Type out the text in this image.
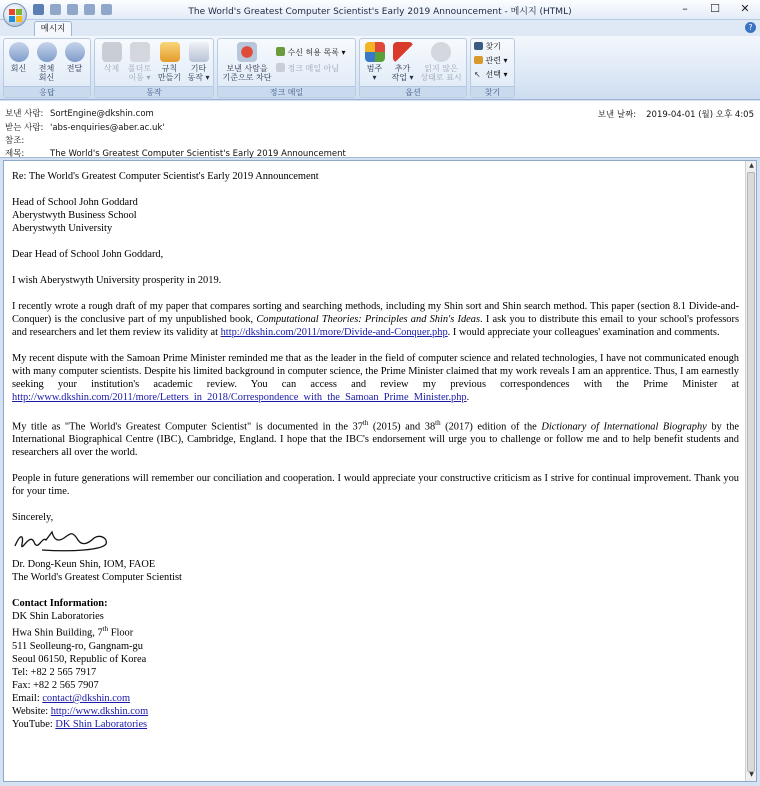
The World's Greatest Computer Scientist's Early 2019 Announcement - 메시지 (HTML)	–	☐	✕
메시지	?
회신	전체
회신
전달
응답
삭제	폴더로
이동 ▾
규칙
만들기
기타
동작 ▾
동작
보낸 사람을
기준으로 차단
수신 허용 목록 ▾
정크 메일 아님
정크 메일
범주
▾
추가
작업 ▾
읽지 않은
상태로 표시
옵션
찾기
관련 ▾
↖ 선택 ▾
찾기
보낸 사람: SortEngine@dkshin.com
받는 사람: 'abs-enquiries@aber.ac.uk'
참조:
제목:	The World's Greatest Computer Scientist's Early 2019 Announcement
보낸 날짜: 2019-04-01 (월) 오후 4:05

Re: The World's Greatest Computer Scientist's Early 2019 Announcement

Head of School John Goddard
Aberystwyth Business School
Aberystwyth University

Dear Head of School John Goddard,

I wish Aberystwyth University prosperity in 2019.

I recently wrote a rough draft of my paper that compares sorting and searching methods, including my Shin sort and Shin search method. This paper (section 8.1 Divide-and-Conquer) is the conclusive part of my unpublished book, Computational Theories: Principles and Shin's Ideas. I ask you to distribute this email to your school's professors and researchers and let them review its validity at http://dkshin.com/2011/more/Divide-and-Conquer.php. I would appreciate your colleagues' examination and comments.

My recent dispute with the Samoan Prime Minister reminded me that as the leader in the field of computer science and related technologies, I have not communicated enough with many computer scientists. Despite his limited background in computer science, the Prime Minister claimed that my work reveals I am an apprentice. Thus, I am earnestly seeking your institution's academic review. You can access and review my previous correspondences with the Prime Minister at http://www.dkshin.com/2011/more/Letters_in_2018/Correspondence_with_the_Samoan_Prime_Minister.php.

My title as "The World's Greatest Computer Scientist" is documented in the 37th (2015) and 38th (2017) edition of the Dictionary of International Biography by the International Biographical Centre (IBC), Cambridge, England. I hope that the IBC's endorsement will urge you to challenge or follow me and to help benefit students and researchers all over the world.

People in future generations will remember our conciliation and cooperation. I would appreciate your constructive criticism as I strive for continual improvement. Thank you for your time.

Sincerely,

Dr. Dong-Keun Shin, IOM, FAOE
The World's Greatest Computer Scientist

Contact Information:
DK Shin Laboratories
Hwa Shin Building, 7th Floor
511 Seolleung-ro, Gangnam-gu
Seoul 06150, Republic of Korea
Tel: +82 2 565 7917
Fax: +82 2 565 7907
Email: contact@dkshin.com
Website: http://www.dkshin.com
YouTube: DK Shin Laboratories

▲
▼
